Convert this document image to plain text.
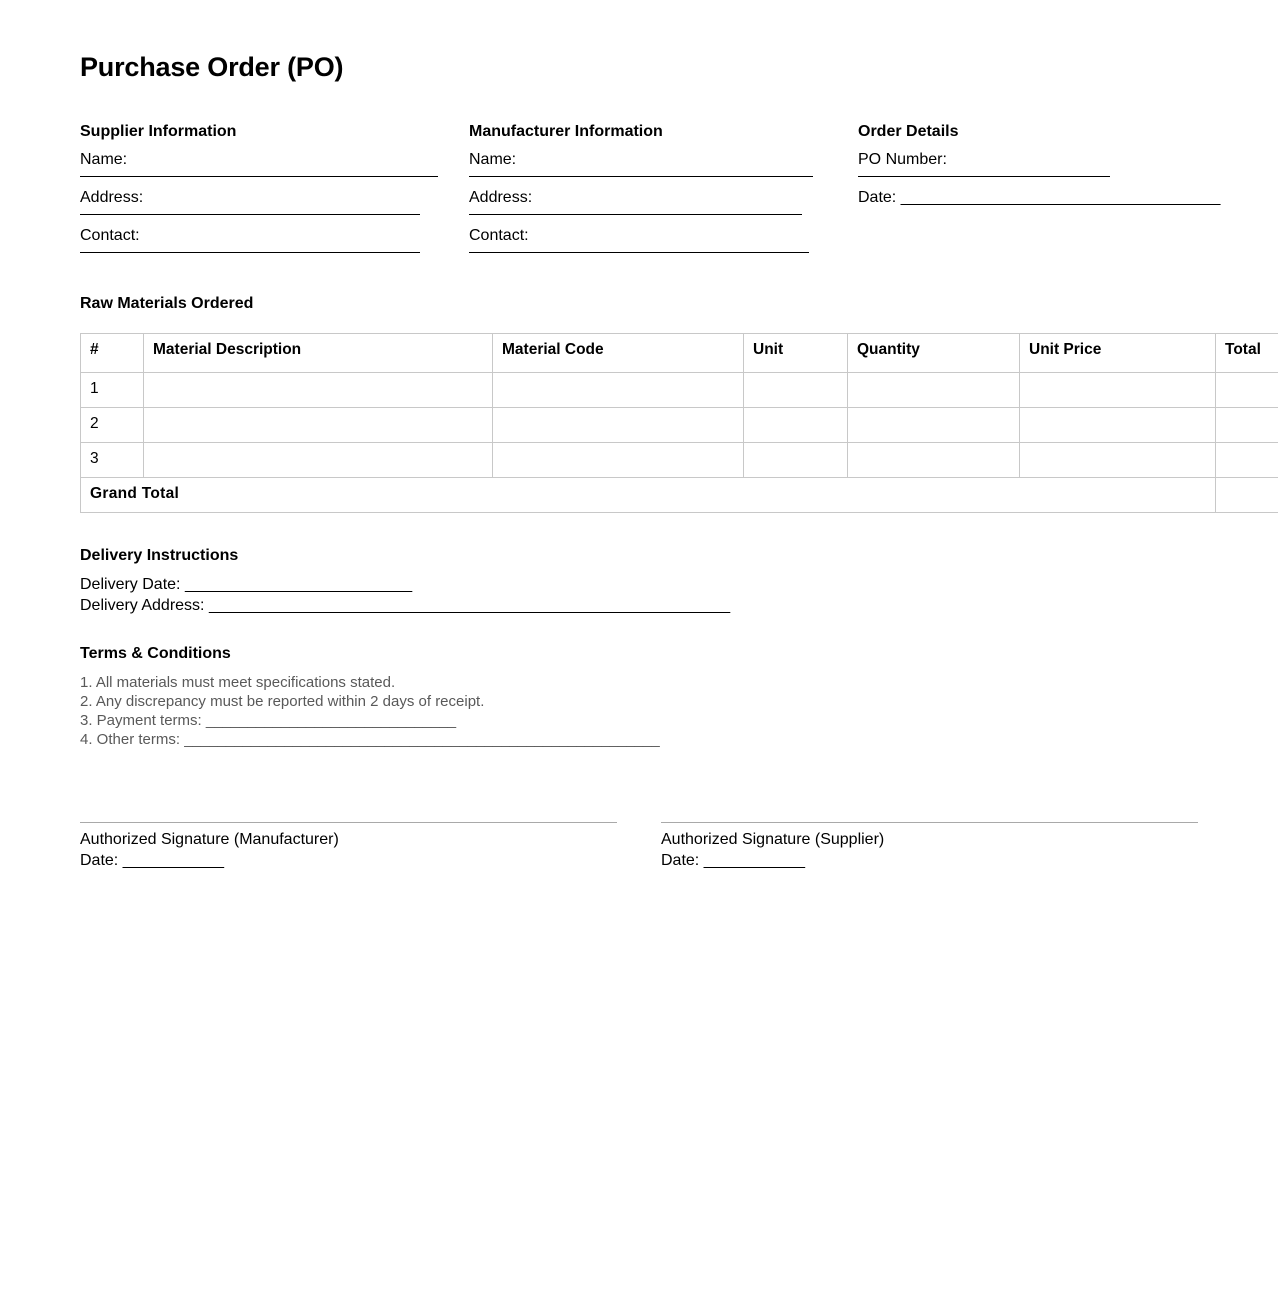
Purchase Order (PO)
Supplier Information
Name:
Address:
Contact:
Manufacturer Information
Name:
Address:
Contact:
Order Details
PO Number:
Date: ______________________________________
Raw Materials Ordered
#	Material Description	Material Code	Unit	Quantity	Unit Price	Total
1						
2						
3						
Grand Total						
Delivery Instructions
Delivery Date: ___________________________
Delivery Address: ______________________________________________________________
Terms & Conditions
1. All materials must meet specifications stated.
2. Any discrepancy must be reported within 2 days of receipt.
3. Payment terms: ______________________________
4. Other terms: _________________________________________________________
Authorized Signature (Manufacturer)
Date: ____________
Authorized Signature (Supplier)
Date: ____________
